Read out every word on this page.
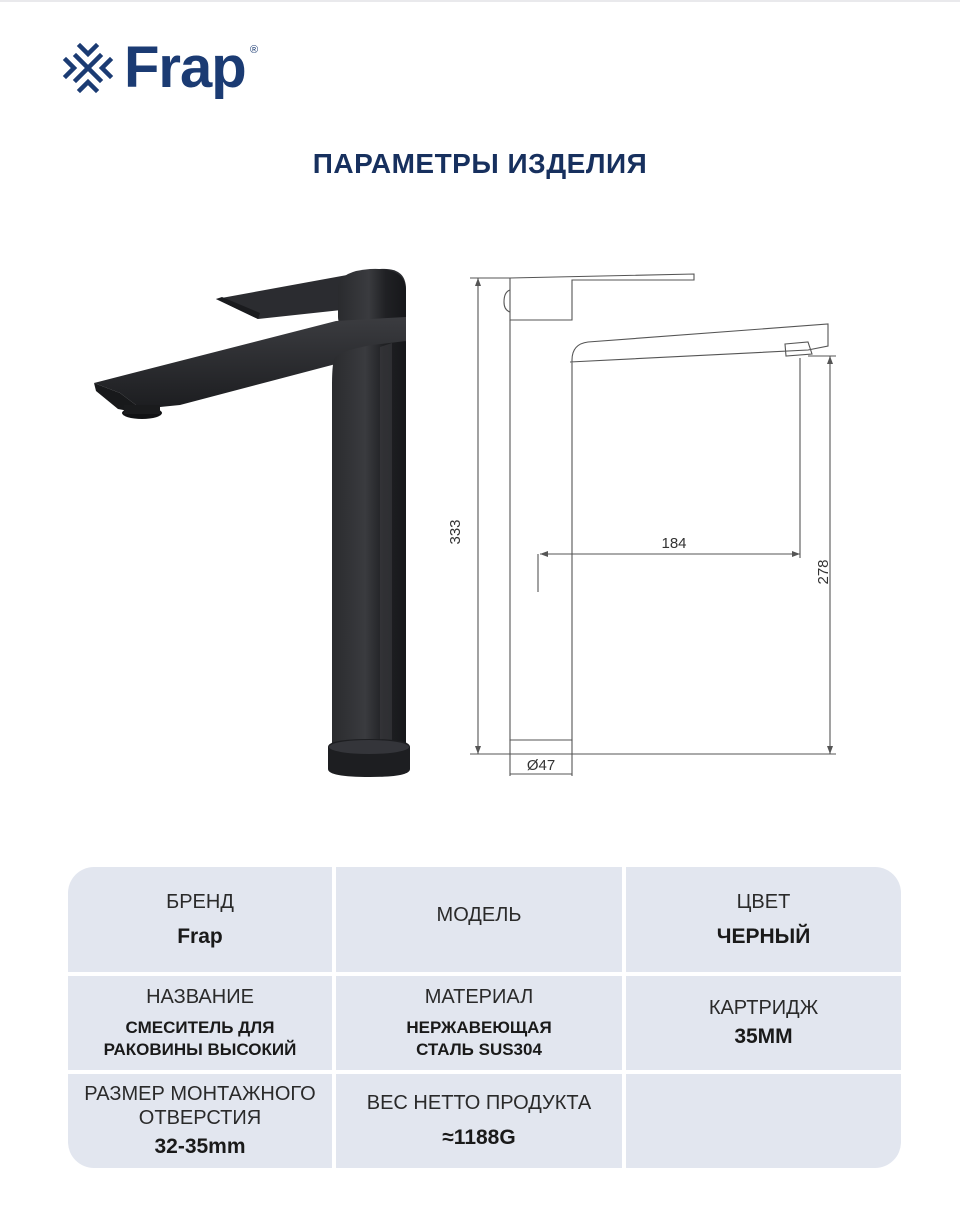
Frap ®
ПАРАМЕТРЫ ИЗДЕЛИЯ
333	184
278
Ø47
БРЕНД
Frap
МОДЕЛЬ
ЦВЕТ
ЧЕРНЫЙ
НАЗВАНИЕ
СМЕСИТЕЛЬ ДЛЯ
РАКОВИНЫ ВЫСОКИЙ
МАТЕРИАЛ
НЕРЖАВЕЮЩАЯ
СТАЛЬ SUS304
КАРТРИДЖ
35MM
РАЗМЕР МОНТАЖНОГО
ОТВЕРСТИЯ
32-35mm
ВЕС НЕТТО ПРОДУКТА
≈1188G
